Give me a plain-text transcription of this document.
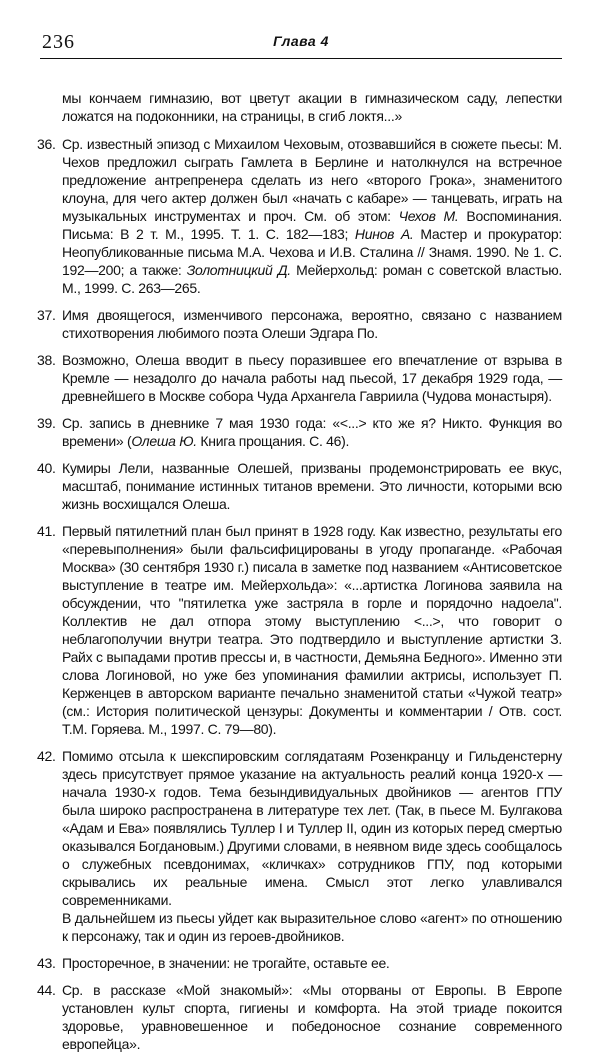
236	Глава 4

мы кончаем гимназию, вот цветут акации в гимназическом саду, лепестки ложатся на подоконники, на страницы, в сгиб локтя...»

36. Ср. известный эпизод с Михаилом Чеховым, отозвавшийся в сюжете пьесы: М. Чехов предложил сыграть Гамлета в Берлине и натолкнулся на встречное предложение антрепренера сделать из него «второго Грока», знаменитого клоуна, для чего актер должен был «начать с кабаре» — танцевать, играть на музыкальных инструментах и проч. См. об этом: Чехов М. Воспоминания. Письма: В 2 т. М., 1995. Т. 1. С. 182—183; Нинов А. Мастер и прокуратор: Неопубликованные письма М.А. Чехова и И.В. Сталина // Знамя. 1990. № 1. С. 192—200; а также: Золотницкий Д. Мейерхольд: роман с советской властью. М., 1999. С. 263—265.

37. Имя двоящегося, изменчивого персонажа, вероятно, связано с названием стихотворения любимого поэта Олеши Эдгара По.

38. Возможно, Олеша вводит в пьесу поразившее его впечатление от взрыва в Кремле — незадолго до начала работы над пьесой, 17 декабря 1929 года, — древнейшего в Москве собора Чуда Архангела Гавриила (Чудова монастыря).

39. Ср. запись в дневнике 7 мая 1930 года: «<...> кто же я? Никто. Функция во времени» (Олеша Ю. Книга прощания. С. 46).

40. Кумиры Лели, названные Олешей, призваны продемонстрировать ее вкус, масштаб, понимание истинных титанов времени. Это личности, которыми всю жизнь восхищался Олеша.

41. Первый пятилетний план был принят в 1928 году. Как известно, результаты его «перевыполнения» были фальсифицированы в угоду пропаганде. «Рабочая Москва» (30 сентября 1930 г.) писала в заметке под названием «Антисоветское выступление в театре им. Мейерхольда»: «...артистка Логинова заявила на обсуждении, что "пятилетка уже застряла в горле и порядочно надоела". Коллектив не дал отпора этому выступлению <...>, что говорит о неблагополучии внутри театра. Это подтвердило и выступление артистки З. Райх с выпадами против прессы и, в частности, Демьяна Бедного». Именно эти слова Логиновой, но уже без упоминания фамилии актрисы, использует П. Керженцев в авторском варианте печально знаменитой статьи «Чужой театр» (см.: История политической цензуры: Документы и комментарии / Отв. сост. Т.М. Горяева. М., 1997. С. 79—80).

42. Помимо отсыла к шекспировским соглядатаям Розенкранцу и Гильденстерну здесь присутствует прямое указание на актуальность реалий конца 1920-х — начала 1930-х годов. Тема безындивидуальных двойников — агентов ГПУ была широко распространена в литературе тех лет. (Так, в пьесе М. Булгакова «Адам и Ева» появлялись Туллер I и Туллер II, один из которых перед смертью оказывался Богдановым.) Другими словами, в неявном виде здесь сообщалось о служебных псевдонимах, «кличках» сотрудников ГПУ, под которыми скрывались их реальные имена. Смысл этот легко улавливался современниками.

В дальнейшем из пьесы уйдет как выразительное слово «агент» по отношению к персонажу, так и один из героев-двойников.

43. Просторечное, в значении: не трогайте, оставьте ее.

44. Ср. в рассказе «Мой знакомый»: «Мы оторваны от Европы. В Европе установлен культ спорта, гигиены и комфорта. На этой триаде покоится здоровье, уравновешенное и победоносное сознание современного европейца».
